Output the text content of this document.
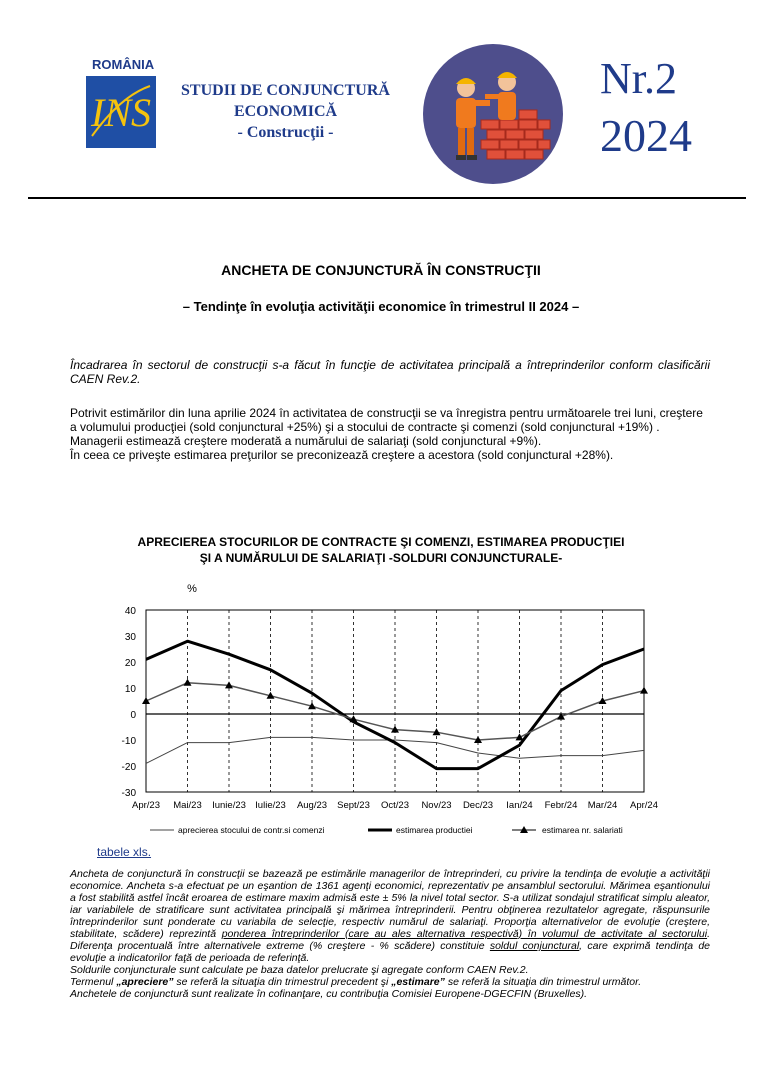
ROMÂNIA
INS	STUDII DE CONJUNCTURĂ
ECONOMICĂ
- Construcţii -
Nr.2
2024
ANCHETA DE CONJUNCTURĂ ÎN CONSTRUCŢII
– Tendinţe în evoluţia activităţii economice în trimestrul II 2024 –

Încadrarea în sectorul de construcţii s-a făcut în funcţie de activitatea principală a întreprinderilor conform clasificării CAEN Rev.2.

Potrivit estimărilor din luna aprilie 2024 în activitatea de construcţii se va înregistra pentru următoarele trei luni, creştere a volumului producţiei (sold conjunctural +25%) şi a stocului de contracte şi comenzi (sold conjunctural +19%) .

Managerii estimează creştere moderată a numărului de salariaţi (sold conjunctural +9%).

În ceea ce priveşte estimarea preţurilor se preconizează creştere a acestora (sold conjunctural +28%).

APRECIEREA STOCURILOR DE CONTRACTE ŞI COMENZI, ESTIMAREA PRODUCŢIEI
ŞI A NUMĂRULUI DE SALARIAŢI -SOLDURI CONJUNCTURALE-
%
-30
-20
-10
0
10
20
30
40
Apr/23 Mai/23 Iunie/23 Iulie/23 Aug/23 Sept/23 Oct/23 Nov/23 Dec/23 Ian/24 Febr/24 Mar/24 Apr/24
aprecierea stocului de contr.si comenzi	estimarea productiei	estimarea nr. salariati
tabele xls.

Ancheta de conjunctură în construcţii se bazează pe estimările managerilor de întreprinderi, cu privire la tendinţa de evoluţie a activităţii economice. Ancheta s-a efectuat pe un eşantion de 1361 agenţi economici, reprezentativ pe ansamblul sectorului. Mărimea eşantionului a fost stabilită astfel încât eroarea de estimare maxim admisă este ± 5% la nivel total sector. S-a utilizat sondajul stratificat simplu aleator, iar variabilele de stratificare sunt activitatea principală şi mărimea întreprinderii. Pentru obţinerea rezultatelor agregate, răspunsurile întreprinderilor sunt ponderate cu variabila de selecţie, respectiv numărul de salariaţi. Proporţia alternativelor de evoluţie (creştere, stabilitate, scădere) reprezintă ponderea întreprinderilor (care au ales alternativa respectivă) în volumul de activitate al sectorului. Diferenţa procentuală între alternativele extreme (% creştere - % scădere) constituie soldul conjunctural, care exprimă tendinţa de evoluţie a indicatorilor faţă de perioada de referinţă.

Soldurile conjuncturale sunt calculate pe baza datelor prelucrate şi agregate conform CAEN Rev.2.

Termenul „apreciere” se referă la situaţia din trimestrul precedent şi „estimare” se referă la situaţia din trimestrul următor.

Anchetele de conjunctură sunt realizate în cofinanţare, cu contribuţia Comisiei Europene-DGECFIN (Bruxelles).
